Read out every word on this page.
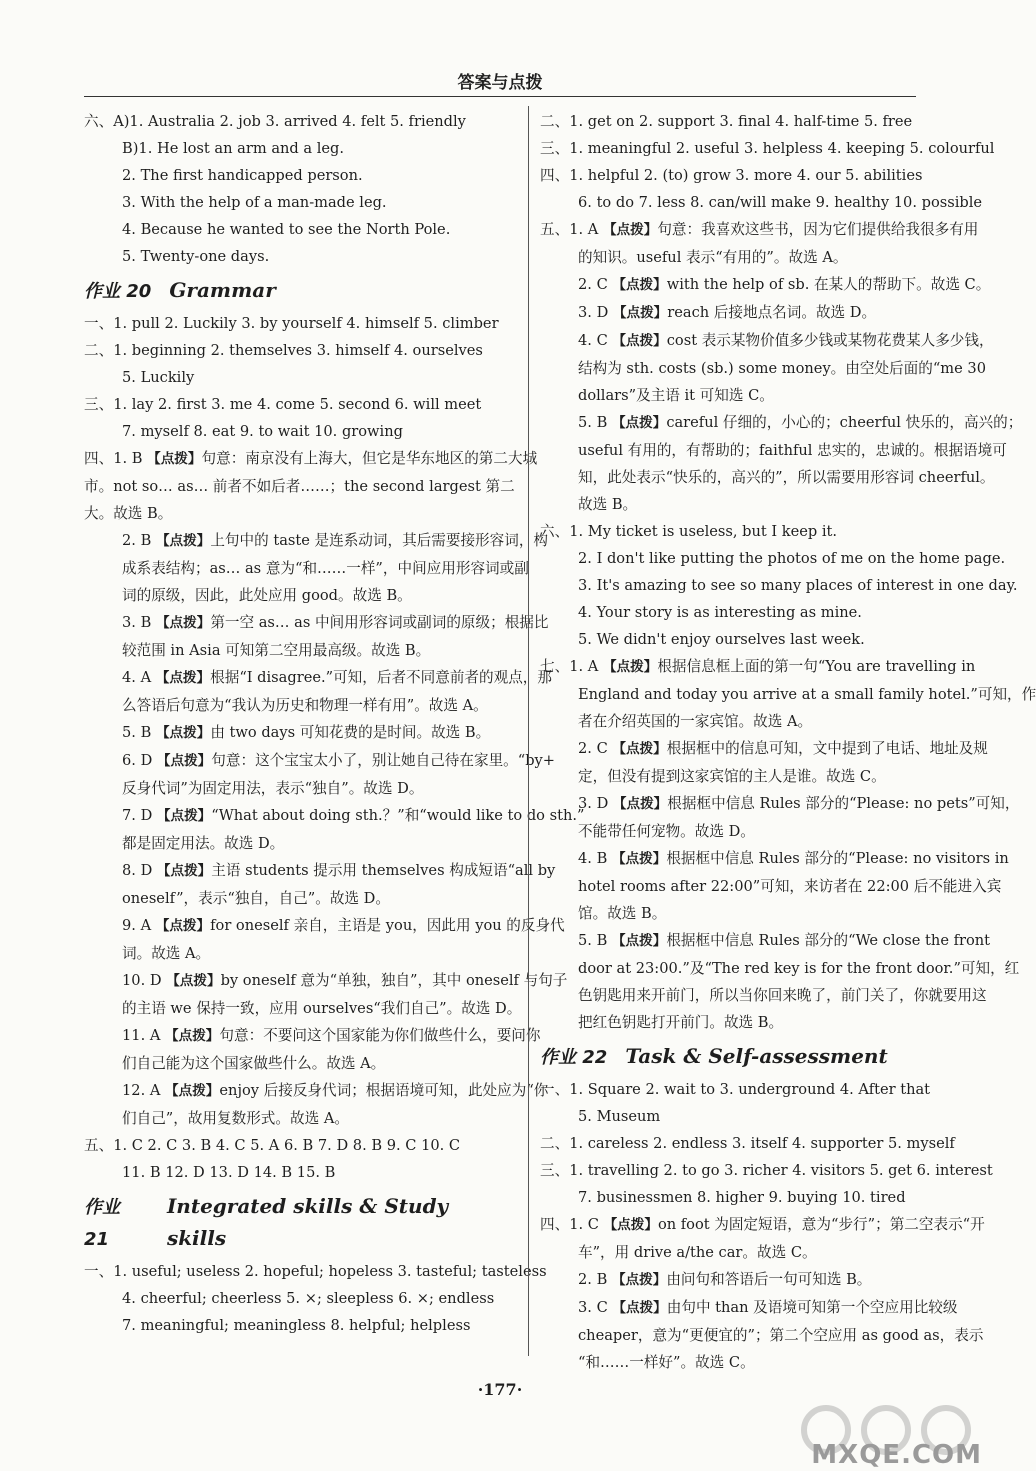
答案与点拨
六、A)1. Australia 2. job 3. arrived 4. felt 5. friendly
B)1. He lost an arm and a leg.
2. The first handicapped person.
3. With the help of a man-made leg.
4. Because he wanted to see the North Pole.
5. Twenty-one days.
作业 20 Grammar
一、1. pull 2. Luckily 3. by yourself 4. himself 5. climber
二、1. beginning 2. themselves 3. himself 4. ourselves
5. Luckily
三、1. lay 2. first 3. me 4. come 5. second 6. will meet
7. myself 8. eat 9. to wait 10. growing
四、1. B 【点拨】句意：南京没有上海大，但它是华东地区的第二大城
市。not so… as… 前者不如后者……；the second largest 第二
大。故选 B。
2. B 【点拨】上句中的 taste 是连系动词，其后需要接形容词，构
成系表结构；as… as 意为“和……一样”，中间应用形容词或副
词的原级，因此，此处应用 good。故选 B。
3. B 【点拨】第一空 as… as 中间用形容词或副词的原级；根据比
较范围 in Asia 可知第二空用最高级。故选 B。
4. A 【点拨】根据“I disagree.”可知，后者不同意前者的观点，那
么答语后句意为“我认为历史和物理一样有用”。故选 A。
5. B 【点拨】由 two days 可知花费的是时间。故选 B。
6. D 【点拨】句意：这个宝宝太小了，别让她自己待在家里。“by+
反身代词”为固定用法，表示“独自”。故选 D。
7. D 【点拨】“What about doing sth.？”和“would like to do sth.”
都是固定用法。故选 D。
8. D 【点拨】主语 students 提示用 themselves 构成短语“all by
oneself”，表示“独自，自己”。故选 D。
9. A 【点拨】for oneself 亲自，主语是 you，因此用 you 的反身代
词。故选 A。
10. D 【点拨】by oneself 意为“单独，独自”，其中 oneself 与句子
的主语 we 保持一致，应用 ourselves“我们自己”。故选 D。
11. A 【点拨】句意：不要问这个国家能为你们做些什么，要问你
们自己能为这个国家做些什么。故选 A。
12. A 【点拨】enjoy 后接反身代词；根据语境可知，此处应为“你
们自己”，故用复数形式。故选 A。
五、1. C 2. C 3. B 4. C 5. A 6. B 7. D 8. B 9. C 10. C
11. B 12. D 13. D 14. B 15. B
作业 21
Integrated skills & Study skills
一、1. useful; useless 2. hopeful; hopeless 3. tasteful; tasteless
4. cheerful; cheerless 5. ×; sleepless 6. ×; endless
7. meaningful; meaningless 8. helpful; helpless
二、1. get on 2. support 3. final 4. half-time 5. free
三、1. meaningful 2. useful 3. helpless 4. keeping 5. colourful
四、1. helpful 2. (to) grow 3. more 4. our 5. abilities
6. to do 7. less 8. can/will make 9. healthy 10. possible
五、1. A 【点拨】句意：我喜欢这些书，因为它们提供给我很多有用
的知识。useful 表示“有用的”。故选 A。
2. C 【点拨】with the help of sb. 在某人的帮助下。故选 C。
3. D 【点拨】reach 后接地点名词。故选 D。
4. C 【点拨】cost 表示某物价值多少钱或某物花费某人多少钱，
结构为 sth. costs (sb.) some money。由空处后面的“me 30
dollars”及主语 it 可知选 C。
5. B 【点拨】careful 仔细的，小心的；cheerful 快乐的，高兴的；
useful 有用的，有帮助的；faithful 忠实的，忠诚的。根据语境可
知，此处表示“快乐的，高兴的”，所以需要用形容词 cheerful。
故选 B。
六、1. My ticket is useless, but I keep it.
2. I don't like putting the photos of me on the home page.
3. It's amazing to see so many places of interest in one day.
4. Your story is as interesting as mine.
5. We didn't enjoy ourselves last week.
七、1. A 【点拨】根据信息框上面的第一句“You are travelling in
England and today you arrive at a small family hotel.”可知，作
者在介绍英国的一家宾馆。故选 A。
2. C 【点拨】根据框中的信息可知，文中提到了电话、地址及规
定，但没有提到这家宾馆的主人是谁。故选 C。
3. D 【点拨】根据框中信息 Rules 部分的“Please: no pets”可知，
不能带任何宠物。故选 D。
4. B 【点拨】根据框中信息 Rules 部分的“Please: no visitors in
hotel rooms after 22:00”可知，来访者在 22:00 后不能进入宾
馆。故选 B。
5. B 【点拨】根据框中信息 Rules 部分的“We close the front
door at 23:00.”及“The red key is for the front door.”可知，红
色钥匙用来开前门，所以当你回来晚了，前门关了，你就要用这
把红色钥匙打开前门。故选 B。
作业 22 Task & Self-assessment
一、1. Square 2. wait to 3. underground 4. After that
5. Museum
二、1. careless 2. endless 3. itself 4. supporter 5. myself
三、1. travelling 2. to go 3. richer 4. visitors 5. get 6. interest
7. businessmen 8. higher 9. buying 10. tired
四、1. C 【点拨】on foot 为固定短语，意为“步行”；第二空表示“开
车”，用 drive a/the car。故选 C。
2. B 【点拨】由问句和答语后一句可知选 B。
3. C 【点拨】由句中 than 及语境可知第一个空应用比较级
cheaper，意为“更便宜的”；第二个空应用 as good as，表示
“和……一样好”。故选 C。
·177·
MXQE.COM
